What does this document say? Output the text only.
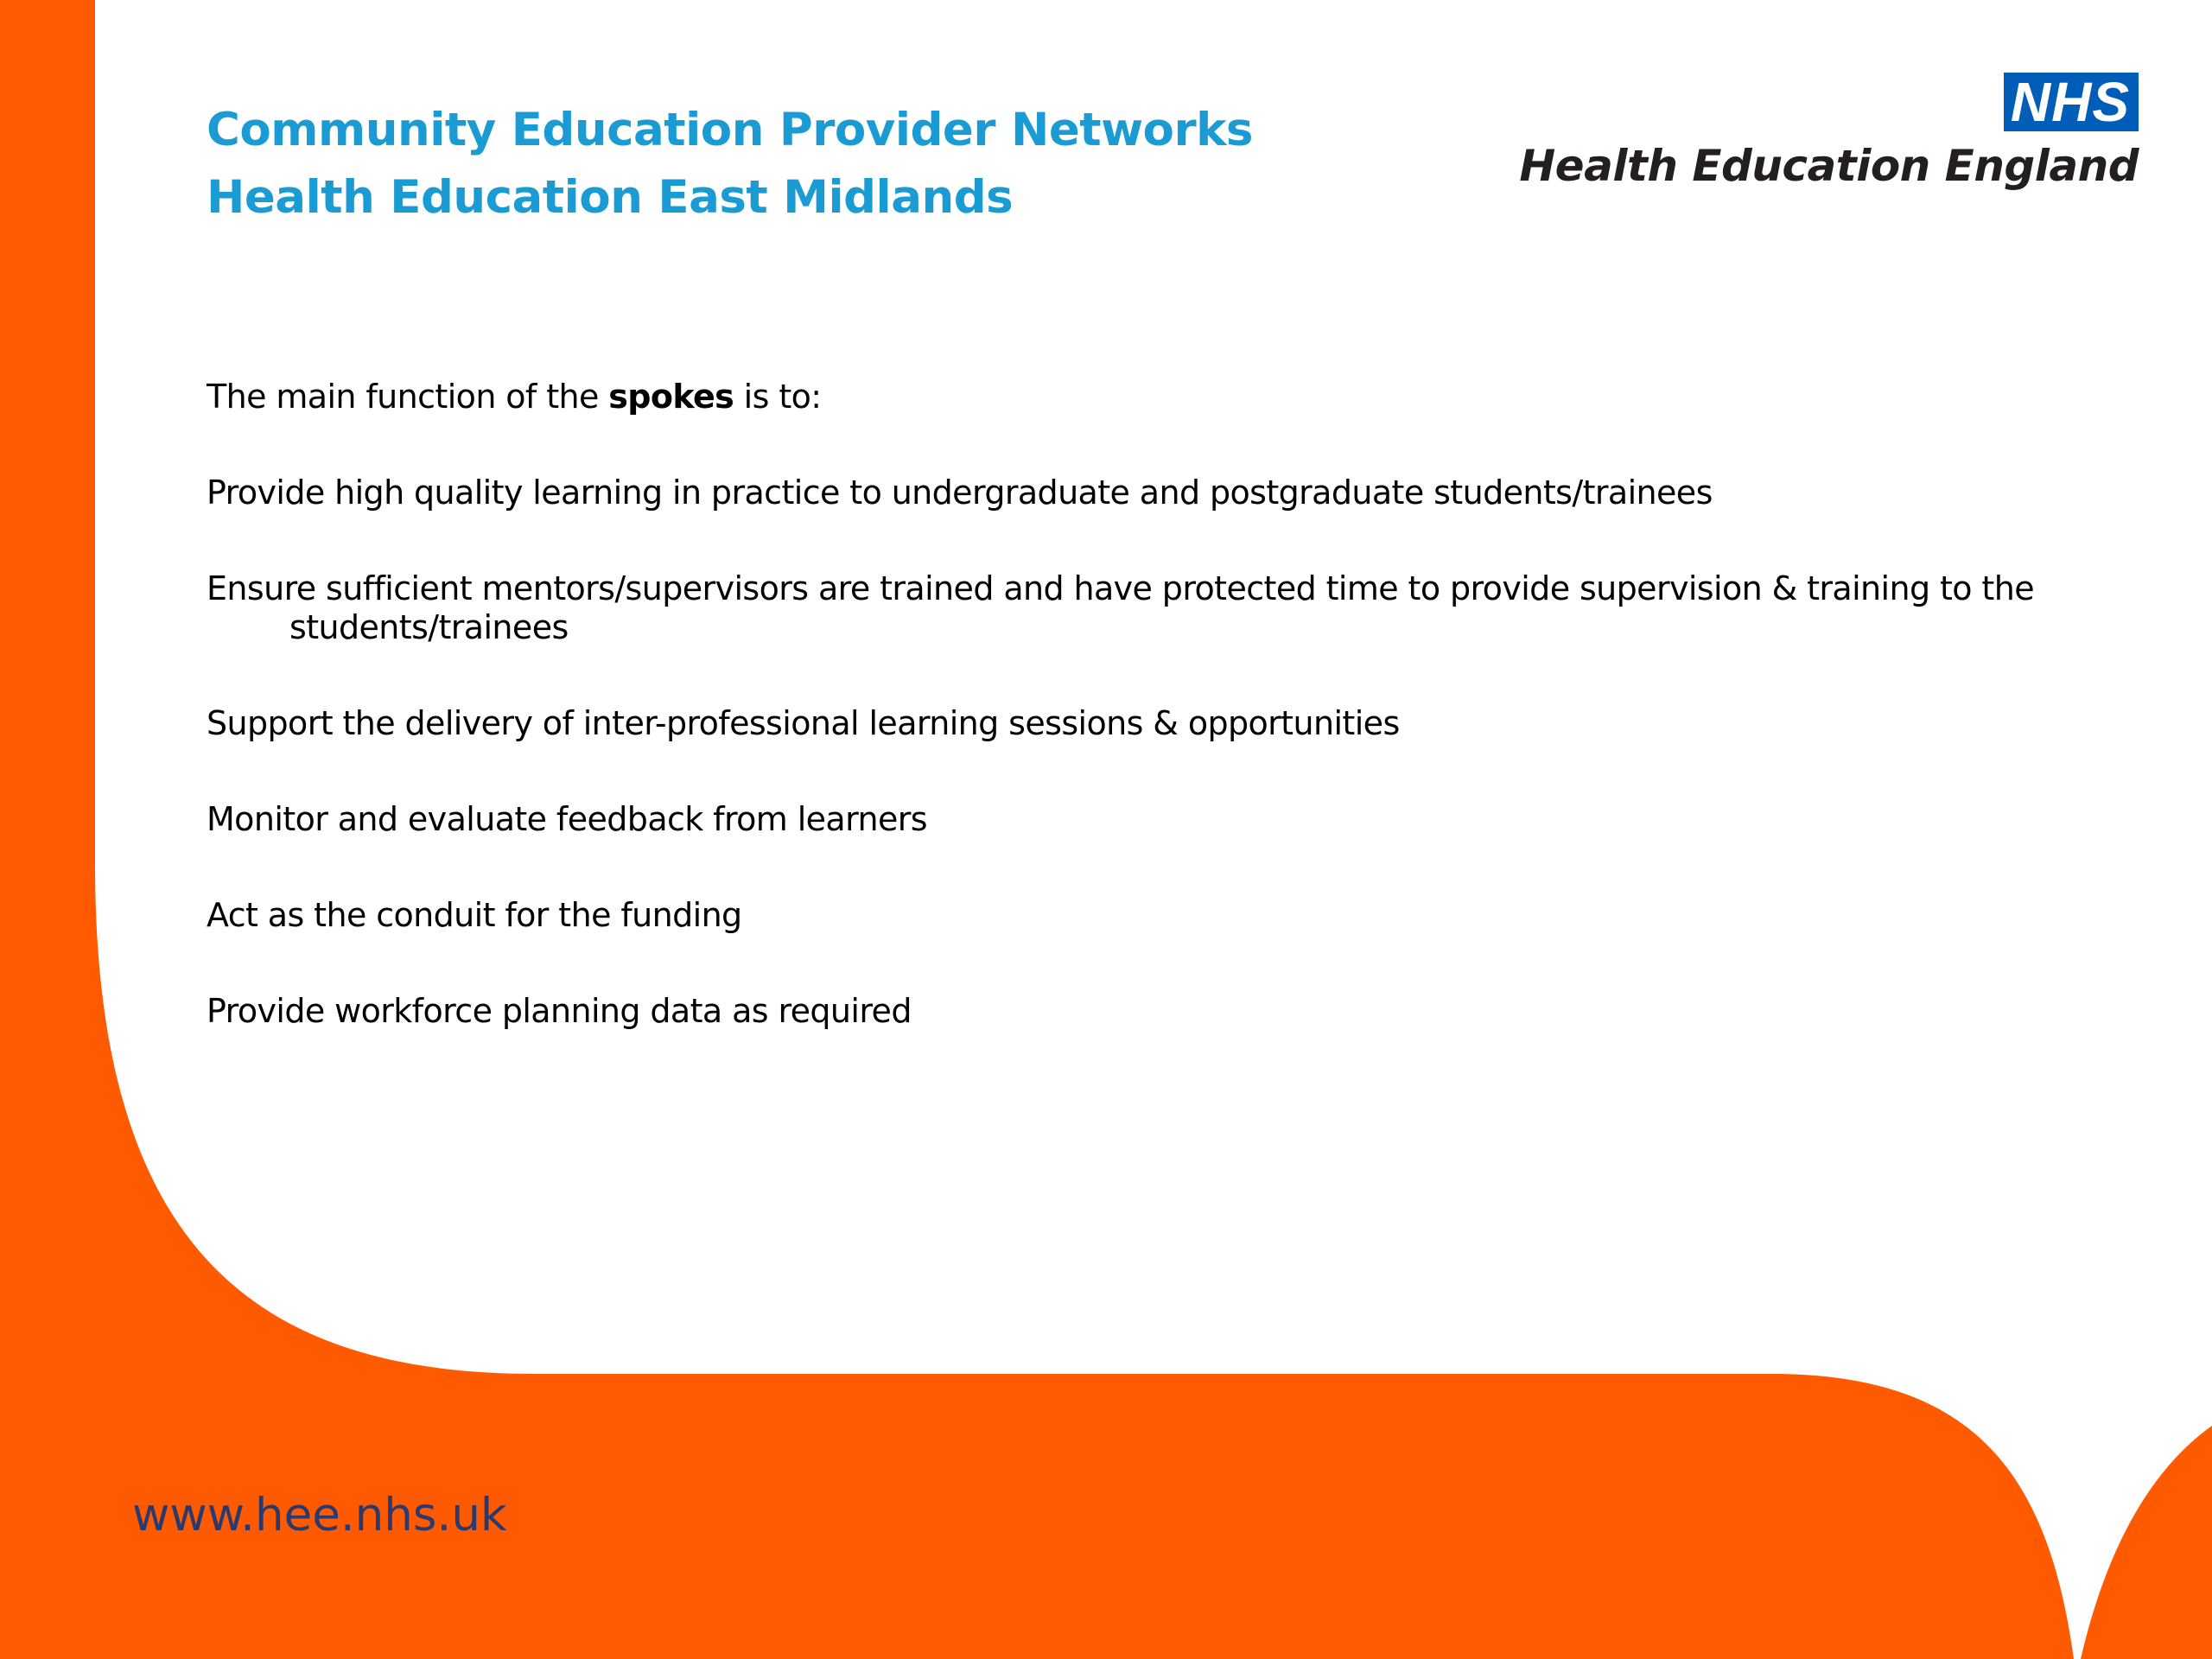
Community Education Provider Networks
Health Education East Midlands
NHS
Health Education England

The main function of the spokes is to:

Provide high quality learning in practice to undergraduate and postgraduate students/trainees

Ensure sufficient mentors/supervisors are trained and have protected time to provide supervision & training to the students/trainees

Support the delivery of inter-professional learning sessions & opportunities

Monitor and evaluate feedback from learners

Act as the conduit for the funding

Provide workforce planning data as required

www.hee.nhs.uk
